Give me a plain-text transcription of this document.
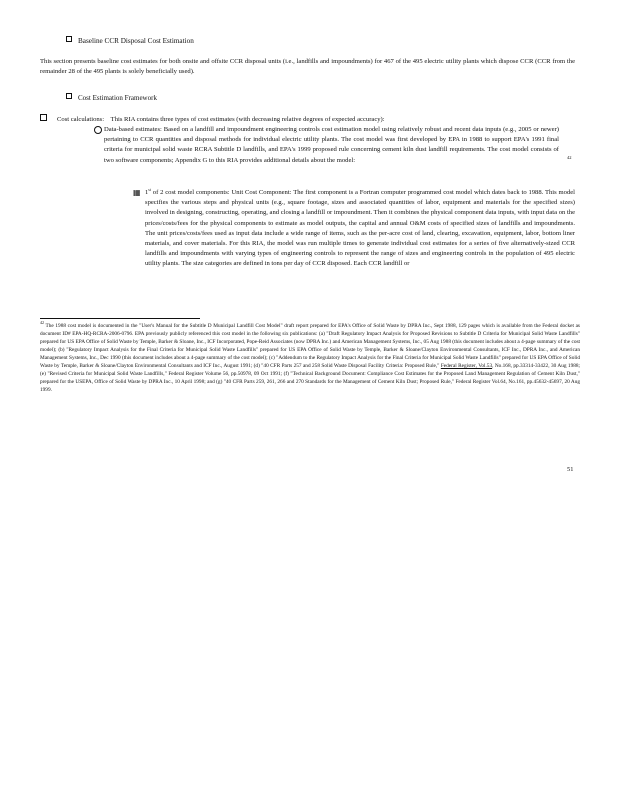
Baseline CCR Disposal Cost Estimation
This section presents baseline cost estimates for both onsite and offsite CCR disposal units (i.e., landfills and impoundments) for 467 of the 495 electric utility plants which dispose CCR (CCR from the remainder 28 of the 495 plants is solely beneficially used).
Cost Estimation Framework
Cost calculations: This RIA contains three types of cost estimates (with decreasing relative degrees of expected accuracy):
Data-based estimates: Based on a landfill and impoundment engineering controls cost estimation model using relatively robust and recent data inputs (e.g., 2005 or newer) pertaining to CCR quantities and disposal methods for individual electric utility plants. The cost model was first developed by EPA in 1988 to support EPA's 1991 final criteria for municipal solid waste RCRA Subtitle D landfills, and EPA's 1999 proposed rule concerning cement kiln dust landfill requirements. The cost model consists of two software components; Appendix G to this RIA provides additional details about the model:	42
▦ 1st of 2 cost model components: Unit Cost Component: The first component is a Fortran computer programmed cost model which dates back to 1988. This model specifies the various steps and physical units (e.g., square footage, sizes and associated quantities of labor, equipment and materials for the specified sizes) involved in designing, constructing, operating, and closing a landfill or impoundment. Then it combines the physical component data inputs, with input data on the prices/costs/fees for the physical components to estimate as model outputs, the capital and annual O&M costs of specified sizes of landfills and impoundments. The unit prices/costs/fees used as input data include a wide range of items, such as the per-acre cost of land, clearing, excavation, equipment, labor, bottom liner materials, and cover materials. For this RIA, the model was run multiple times to generate individual cost estimates for a series of five alternatively-sized CCR landfills and impoundments with varying types of engineering controls to represent the range of sizes and engineering controls in the population of 495 electric utility plants. The size categories are defined in tons per day of CCR disposed. Each CCR landfill or
$^{42}$ The 1988 cost model is documented in the "User's Manual for the Subtitle D Municipal Landfill Cost Model" draft report prepared for EPA's Office of Solid Waste by DPRA Inc., Sept 1988, 129 pages which is available from the Federal docket as document ID# EPA-HQ-RCRA-2006-0796. EPA previously publicly referenced this cost model in the following six publications: (a) "Draft Regulatory Impact Analysis for Proposed Revisions to Subtitle D Criteria for Municipal Solid Waste Landfills" prepared for US EPA Office of Solid Waste by Temple, Barker & Sloane, Inc., ICF Incorporated, Pope-Reid Associates (now DPRA Inc.) and American Management Systems, Inc., 05 Aug 1988 (this document includes about a 4-page summary of the cost model); (b) "Regulatory Impact Analysis for the Final Criteria for Municipal Solid Waste Landfills" prepared for US EPA Office of Solid Waste by Temple, Barker & Sloane/Clayton Environmental Consultants, ICF Inc., DPRA Inc., and American Management Systems, Inc., Dec 1990 (this document includes about a 4-page summary of the cost model); (c) "Addendum to the Regulatory Impact Analysis for the Final Criteria for Municipal Solid Waste Landfills" prepared for US EPA Office of Solid Waste by Temple, Barker & Sloane/Clayton Environmental Consultants and ICF Inc., August 1991; (d) "40 CFR Parts 257 and 258 Solid Waste Disposal Facility Criteria: Proposed Rule," Federal Register, Vol.53, No.168, pp.33314-33422, 30 Aug 1988; (e) "Revised Criteria for Municipal Solid Waste Landfills," Federal Register Volume 56, pp.50978, 09 Oct 1991; (f) "Technical Background Document: Compliance Cost Estimates for the Proposed Land Management Regulation of Cement Kiln Dust," prepared for the USEPA, Office of Solid Waste by DPRA Inc., 10 April 1998; and (g) "40 CFR Parts 259, 261, 266 and 270 Standards for the Management of Cement Kiln Dust; Proposed Rule," Federal Register Vol.64, No.161, pp.45632-45697, 20 Aug 1999.
51
